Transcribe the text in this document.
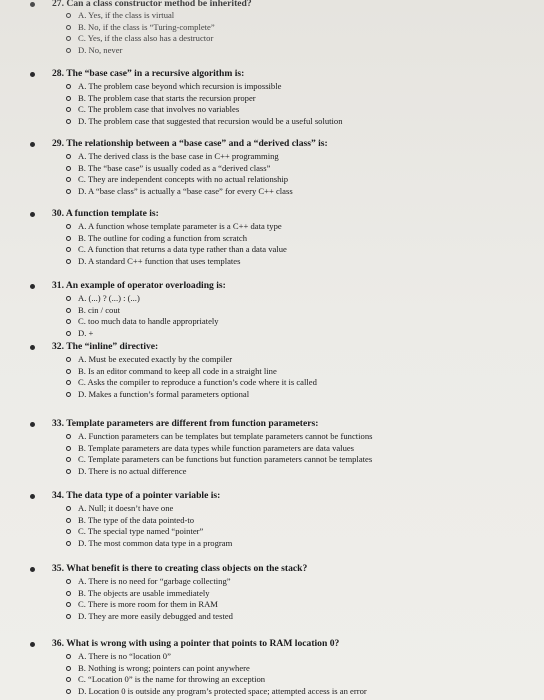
27. Can a class constructor method be inherited?
A. Yes, if the class is virtual
B. No, if the class is “Turing-complete”
C. Yes, if the class also has a destructor
D. No, never
28. The “base case” in a recursive algorithm is:
A. The problem case beyond which recursion is impossible
B. The problem case that starts the recursion proper
C. The problem case that involves no variables
D. The problem case that suggested that recursion would be a useful solution
29. The relationship between a “base case” and a “derived class” is:
A. The derived class is the base case in C++ programming
B. The “base case” is usually coded as a “derived class”
C. They are independent concepts with no actual relationship
D. A “base class” is actually a “base case” for every C++ class
30. A function template is:
A. A function whose template parameter is a C++ data type
B. The outline for coding a function from scratch
C. A function that returns a data type rather than a data value
D. A standard C++ function that uses templates
31. An example of operator overloading is:
A. (...) ? (...) : (...)
B. cin / cout
C. too much data to handle appropriately
D. +
32. The “inline” directive:
A. Must be executed exactly by the compiler
B. Is an editor command to keep all code in a straight line
C. Asks the compiler to reproduce a function’s code where it is called
D. Makes a function’s formal parameters optional
33. Template parameters are different from function parameters:
A. Function parameters can be templates but template parameters cannot be functions
B. Template parameters are data types while function parameters are data values
C. Template parameters can be functions but function parameters cannot be templates
D. There is no actual difference
34. The data type of a pointer variable is:
A. Null; it doesn’t have one
B. The type of the data pointed-to
C. The special type named “pointer”
D. The most common data type in a program
35. What benefit is there to creating class objects on the stack?
A. There is no need for “garbage collecting”
B. The objects are usable immediately
C. There is more room for them in RAM
D. They are more easily debugged and tested
36. What is wrong with using a pointer that points to RAM location 0?
A. There is no “location 0”
B. Nothing is wrong; pointers can point anywhere
C. “Location 0” is the name for throwing an exception
D. Location 0 is outside any program’s protected space; attempted access is an error
